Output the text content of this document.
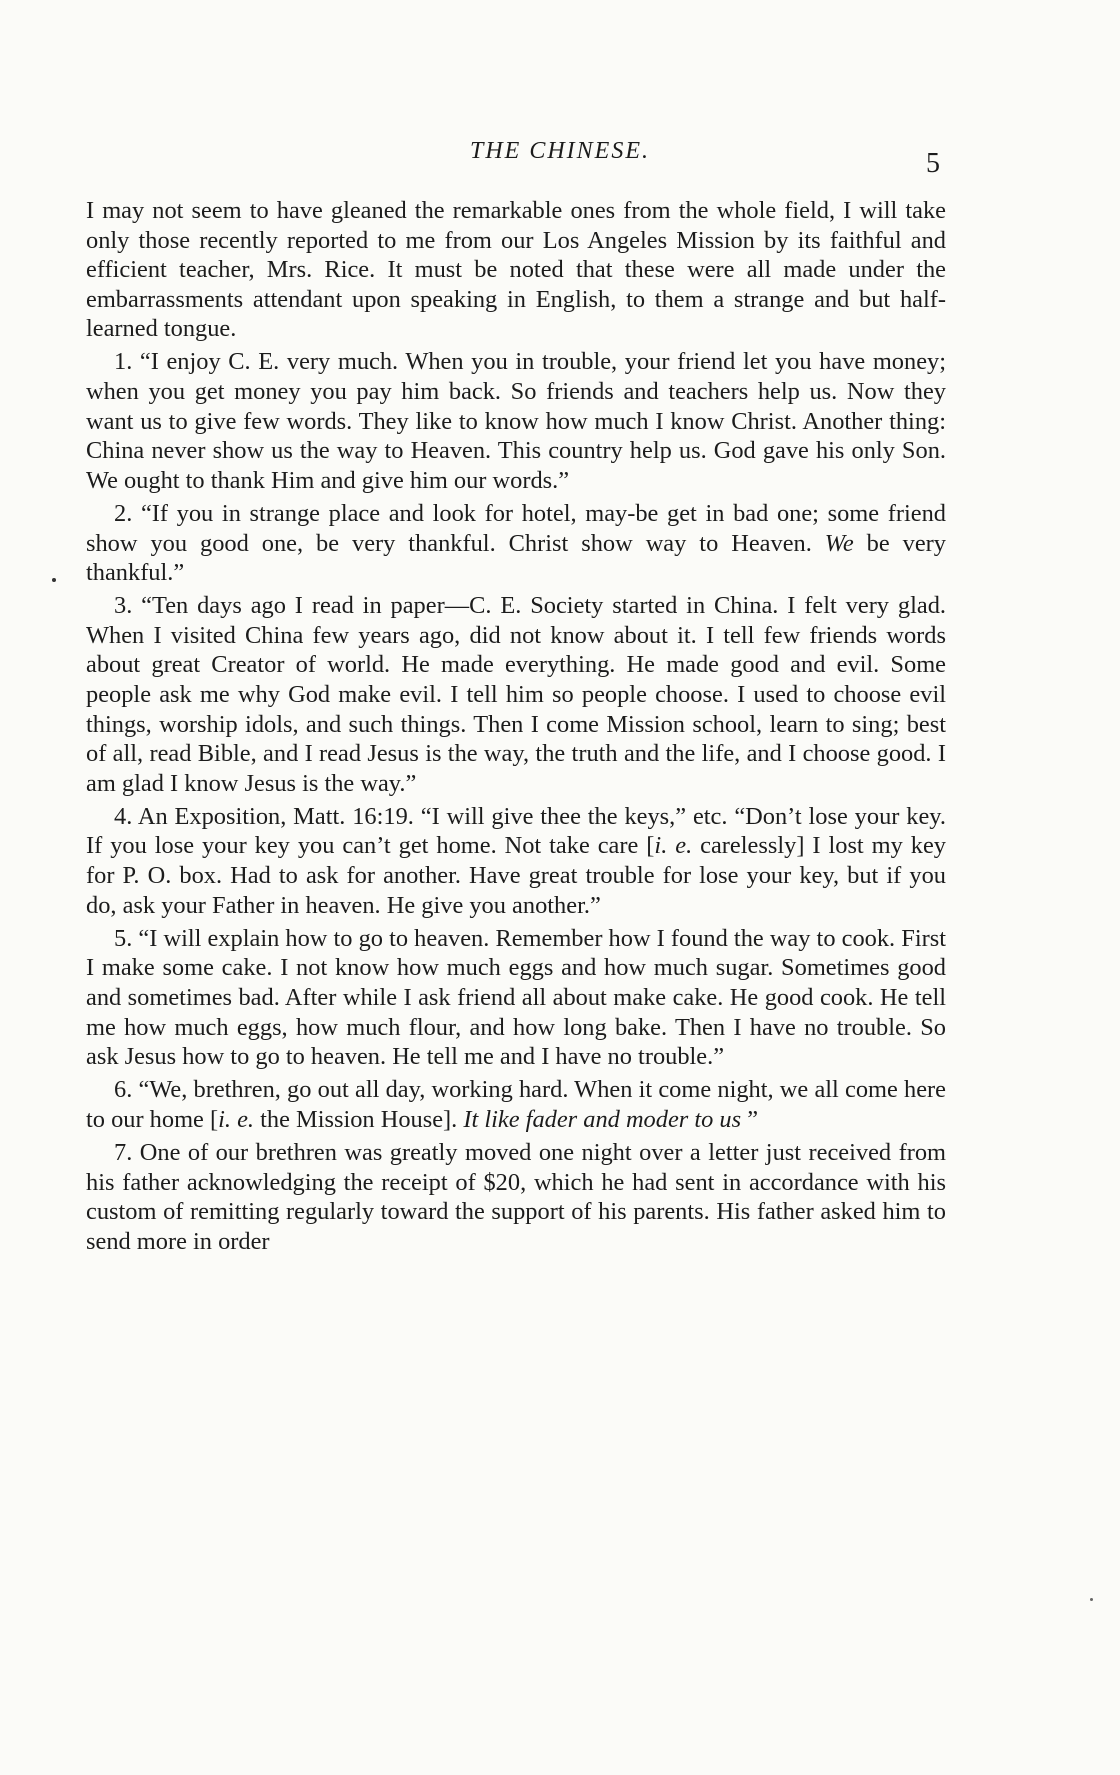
THE CHINESE.	5

I may not seem to have gleaned the remarkable ones from the whole field, I will take only those recently reported to me from our Los Angeles Mission by its faithful and efficient teacher, Mrs. Rice. It must be noted that these were all made under the embarrassments attendant upon speaking in English, to them a strange and but half-learned tongue.

1. “I enjoy C. E. very much. When you in trouble, your friend let you have money; when you get money you pay him back. So friends and teachers help us. Now they want us to give few words. They like to know how much I know Christ. Another thing: China never show us the way to Heaven. This country help us. God gave his only Son. We ought to thank Him and give him our words.”

2. “If you in strange place and look for hotel, may-be get in bad one; some friend show you good one, be very thankful. Christ show way to Heaven. We be very thankful.”

3. “Ten days ago I read in paper—C. E. Society started in China. I felt very glad. When I visited China few years ago, did not know about it. I tell few friends words about great Creator of world. He made everything. He made good and evil. Some people ask me why God make evil. I tell him so people choose. I used to choose evil things, worship idols, and such things. Then I come Mission school, learn to sing; best of all, read Bible, and I read Jesus is the way, the truth and the life, and I choose good. I am glad I know Jesus is the way.”

4. An Exposition, Matt. 16:19. “I will give thee the keys,” etc. “Don’t lose your key. If you lose your key you can’t get home. Not take care [i. e. carelessly] I lost my key for P. O. box. Had to ask for another. Have great trouble for lose your key, but if you do, ask your Father in heaven. He give you another.”

5. “I will explain how to go to heaven. Remember how I found the way to cook. First I make some cake. I not know how much eggs and how much sugar. Sometimes good and sometimes bad. After while I ask friend all about make cake. He good cook. He tell me how much eggs, how much flour, and how long bake. Then I have no trouble. So ask Jesus how to go to heaven. He tell me and I have no trouble.”

6. “We, brethren, go out all day, working hard. When it come night, we all come here to our home [i. e. the Mission House]. It like fader and moder to us ”

7. One of our brethren was greatly moved one night over a letter just received from his father acknowledging the receipt of $20, which he had sent in accordance with his custom of remitting regularly toward the support of his parents. His father asked him to send more in order
